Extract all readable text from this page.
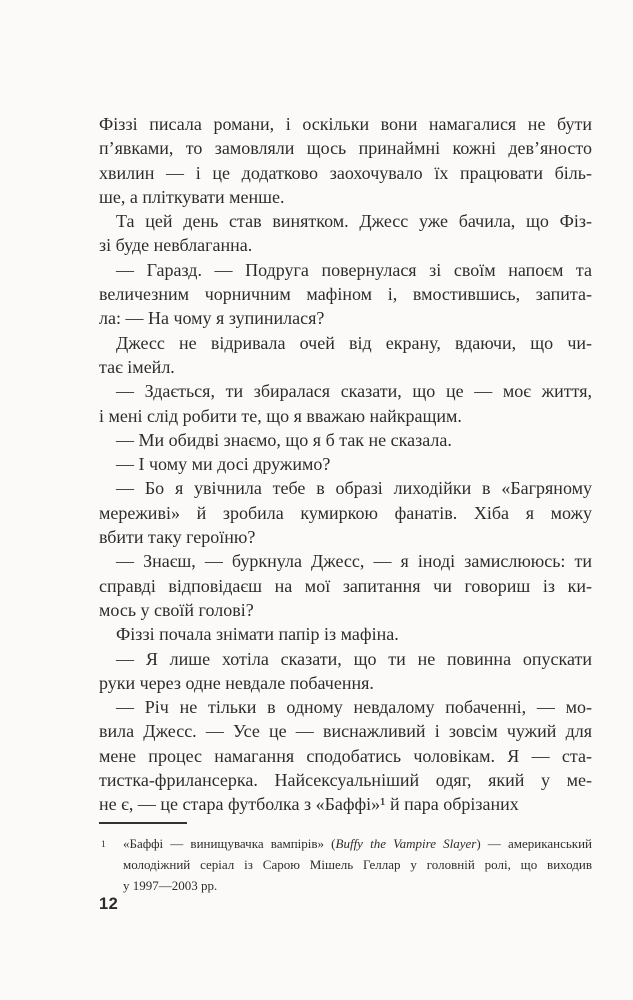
Фіззі писала романи, і оскільки вони намагалися не бути
п’явками, то замовляли щось принаймні кожні дев’яносто
хвилин — і це додатково заохочувало їх працювати біль-
ше, а пліткувати менше.
Та цей день став винятком. Джесс уже бачила, що Фіз-
зі буде невблаганна.
— Гаразд. — Подруга повернулася зі своїм напоєм та
величезним чорничним мафіном і, вмостившись, запита-
ла: — На чому я зупинилася?
Джесс не відривала очей від екрану, вдаючи, що чи-
тає імейл.
— Здається, ти збиралася сказати, що це — моє життя,
і мені слід робити те, що я вважаю найкращим.
— Ми обидві знаємо, що я б так не сказала.
— І чому ми досі дружимо?
— Бо я увічнила тебе в образі лиходійки в «Багряному
мереживі» й зробила кумиркою фанатів. Хіба я можу
вбити таку героїню?
— Знаєш, — буркнула Джесс, — я іноді замислююсь: ти
справді відповідаєш на мої запитання чи говориш із ки-
мось у своїй голові?
Фіззі почала знімати папір із мафіна.
— Я лише хотіла сказати, що ти не повинна опускати
руки через одне невдале побачення.
— Річ не тільки в одному невдалому побаченні, — мо-
вила Джесс. — Усе це — виснажливий і зовсім чужий для
мене процес намагання сподобатись чоловікам. Я — ста-
тистка-фрилансерка. Найсексуальніший одяг, який у ме-
не є, — це стара футболка з «Баффі»¹ й пара обрізаних
1 «Баффі — винищувачка вампірів» (Buffy the Vampire Slayer) — американський
молодіжний серіал із Сарою Мішель Геллар у головній ролі, що виходив
у 1997—2003 рр.
12
